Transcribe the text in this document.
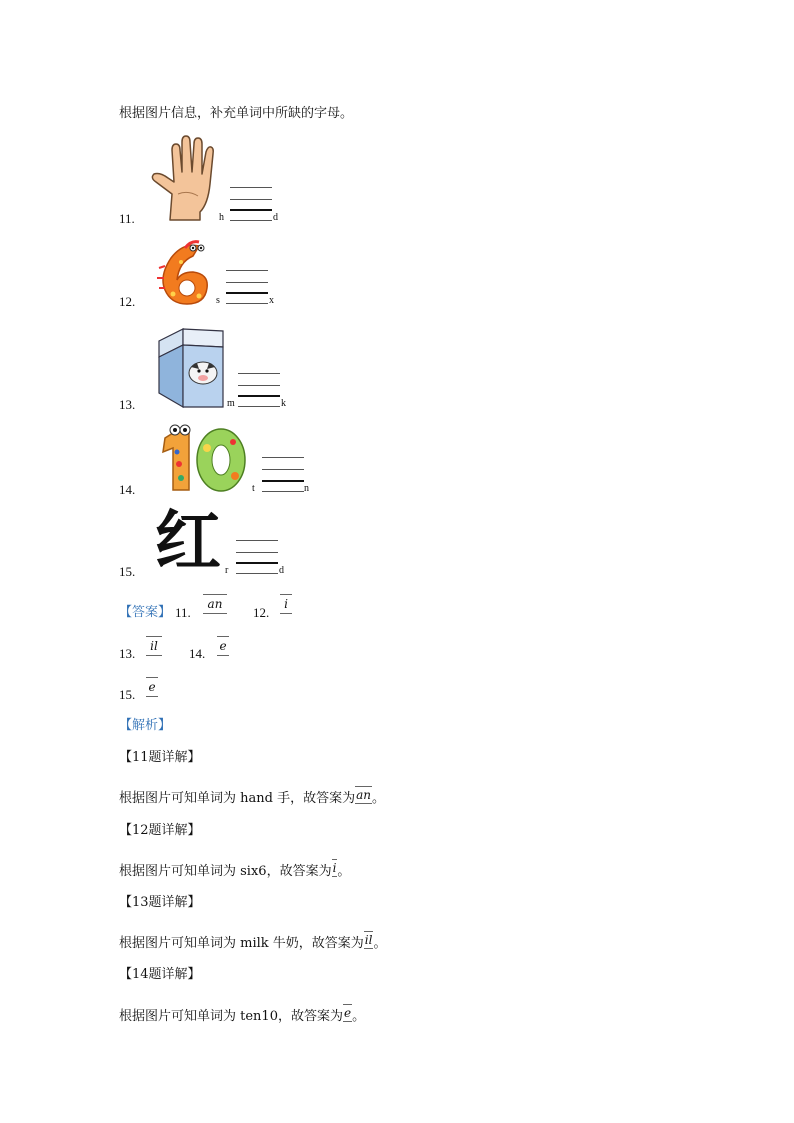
根据图片信息，补充单词中所缺的字母。
11.	h	d
12.	s	x
13.	m	k
14.	t	n
红
15.	r	d
【答案】 11.
an
12.
i
13.	il	14. e
15. e
【解析】
【11题详解】
根据图片可知单词为 hand 手，故答案为 an 。
【12题详解】
根据图片可知单词为 six6，故答案为 i 。
【13题详解】
根据图片可知单词为 milk 牛奶，故答案为 il 。
【14题详解】
根据图片可知单词为 ten10，故答案为 e 。
